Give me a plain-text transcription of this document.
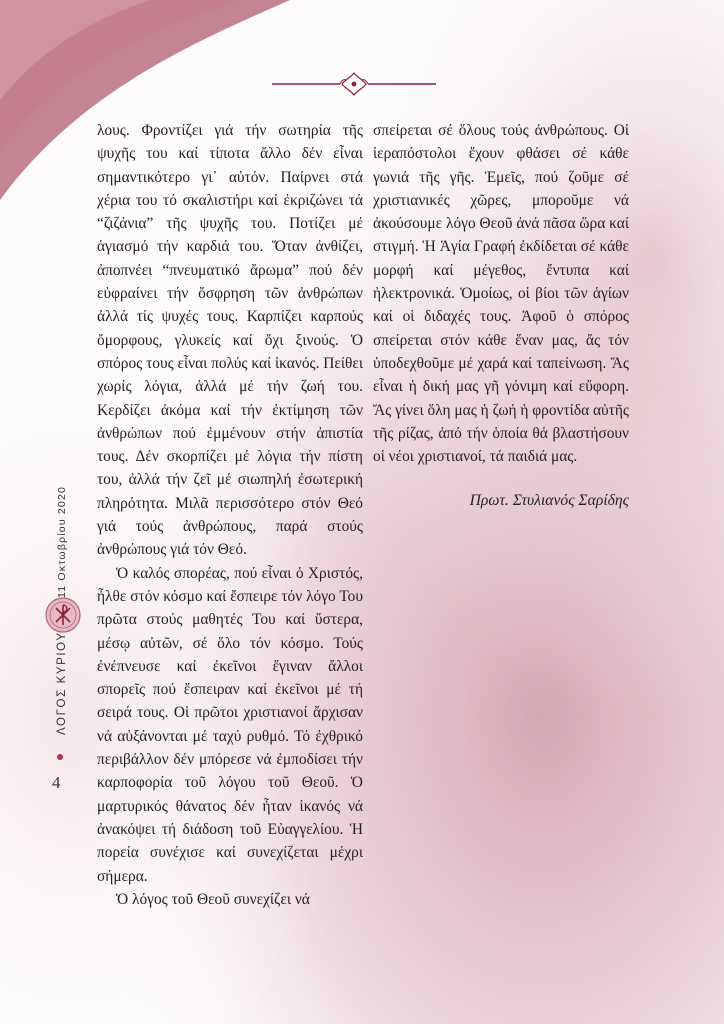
λους. Φροντίζει γιά τήν σωτηρία τῆς ψυχῆς του καί τίποτα ἄλλο δέν εἶναι σημαντικότερο γι᾿ αὐτόν. Παίρνει στά χέρια του τό σκαλιστήρι καί ἐκριζώνει τά “ζιζάνια” τῆς ψυχῆς του. Ποτίζει μέ ἁγιασμό τήν καρδιά του. Ὅταν ἀνθίζει, ἀποπνέει “πνευματικό ἄρωμα” πού δέν εὐφραίνει τήν ὄσφρηση τῶν ἀνθρώπων ἀλλά τίς ψυχές τους. Καρπίζει καρπούς ὄμορφους, γλυκείς καί ὄχι ξινούς. Ὁ σπόρος τους εἶναι πολύς καί ἱκανός. Πείθει χωρίς λόγια, ἀλλά μέ τήν ζωή του. Κερδίζει ἀκόμα καί τήν ἐκτίμηση τῶν ἀνθρώπων πού ἐμμένουν στήν ἀπιστία τους. Δέν σκορπίζει μέ λόγια τήν πίστη του, ἀλλά τήν ζεῖ μέ σιωπηλή ἐσωτερική πληρότητα. Μιλᾶ περισσότερο στόν Θεό γιά τούς ἀνθρώπους, παρά στούς ἀνθρώπους γιά τόν Θεό.

Ὁ καλός σπορέας, πού εἶναι ὁ Χριστός, ἦλθε στόν κόσμο καί ἔσπειρε τόν λόγο Του πρῶτα στούς μαθητές Του καί ὕστερα, μέσῳ αὐτῶν, σέ ὅλο τόν κόσμο. Τούς ἐνέπνευσε καί ἐκεῖνοι ἔγιναν ἄλλοι σπορεῖς πού ἔσπειραν καί ἐκεῖνοι μέ τή σειρά τους. Οἱ πρῶτοι χριστιανοί ἄρχισαν νά αὐξάνονται μέ ταχύ ρυθμό. Τό ἐχθρικό περιβάλλον δέν μπόρεσε νά ἐμποδίσει τήν καρποφορία τοῦ λόγου τοῦ Θεοῦ. Ὁ μαρτυρικός θάνατος δέν ἦταν ἱκανός νά ἀνακόψει τή διάδοση τοῦ Εὐαγγελίου. Ἡ πορεία συνέχισε καί συνεχίζεται μέχρι σήμερα.

Ὁ λόγος τοῦ Θεοῦ συνεχίζει νά

σπείρεται σέ ὅλους τούς ἀνθρώπους. Οἱ ἱεραπόστολοι ἔχουν φθάσει σέ κάθε γωνιά τῆς γῆς. Ἐμεῖς, πού ζοῦμε σέ χριστιανικές χῶρες, μποροῦμε νά ἀκούσουμε λόγο Θεοῦ ἀνά πᾶσα ὥρα καί στιγμή. Ἡ Ἁγία Γραφή ἐκδίδεται σέ κάθε μορφή καί μέγεθος, ἔντυπα καί ἠλεκτρονικά. Ὁμοίως, οἱ βίοι τῶν ἁγίων καί οἱ διδαχές τους. Ἀφοῦ ὁ σπόρος σπείρεται στόν κάθε ἕναν μας, ἄς τόν ὑποδεχθοῦμε μέ χαρά καί ταπείνωση. Ἄς εἶναι ἡ δική μας γῆ γόνιμη καί εὔφορη. Ἄς γίνει ὅλη μας ἡ ζωή ἡ φροντίδα αὐτῆς τῆς ρίζας, ἀπό τήν ὁποία θά βλαστήσουν οἱ νέοι χριστιανοί, τά παιδιά μας.

Πρωτ. Στυλιανός Σαρίδης
11 Οκτωβρίου 2020
ΛΟΓΟΣ ΚΥΡΙΟΥ
4
